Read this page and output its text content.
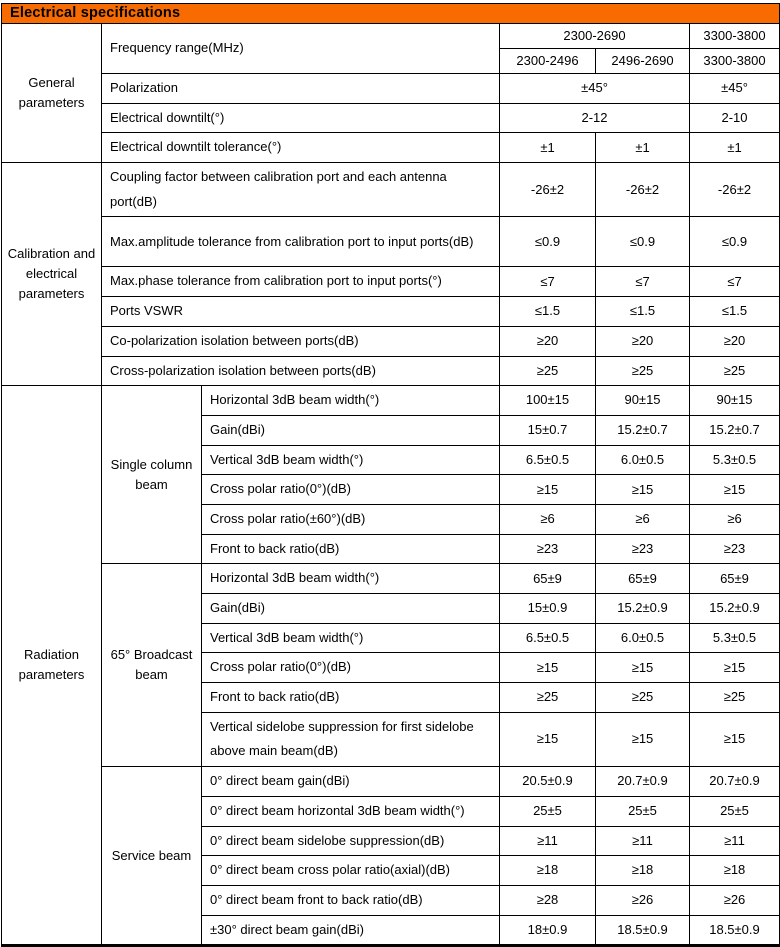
Electrical specifications					
General parameters	Frequency range(MHz)		2300-2690		3300-3800
			2300-2496	2496-2690	3300-3800
	Polarization		±45°		±45°
	Electrical downtilt(°)		2-12		2-10
	Electrical downtilt tolerance(°)		±1	±1	±1
Calibration and electrical parameters	Coupling factor between calibration port and each antenna port(dB)		-26±2	-26±2	-26±2
	Max.amplitude tolerance from calibration port to input ports(dB)		≤0.9	≤0.9	≤0.9
	Max.phase tolerance from calibration port to input ports(°)		≤7	≤7	≤7
	Ports VSWR		≤1.5	≤1.5	≤1.5
	Co-polarization isolation between ports(dB)		≥20	≥20	≥20
	Cross-polarization isolation between ports(dB)		≥25	≥25	≥25
Radiation parameters	Single column beam	Horizontal 3dB beam width(°)	100±15	90±15	90±15
		Gain(dBi)	15±0.7	15.2±0.7	15.2±0.7
		Vertical 3dB beam width(°)	6.5±0.5	6.0±0.5	5.3±0.5
		Cross polar ratio(0°)(dB)	≥15	≥15	≥15
		Cross polar ratio(±60°)(dB)	≥6	≥6	≥6
		Front to back ratio(dB)	≥23	≥23	≥23
	65° Broadcast beam	Horizontal 3dB beam width(°)	65±9	65±9	65±9
		Gain(dBi)	15±0.9	15.2±0.9	15.2±0.9
		Vertical 3dB beam width(°)	6.5±0.5	6.0±0.5	5.3±0.5
		Cross polar ratio(0°)(dB)	≥15	≥15	≥15
		Front to back ratio(dB)	≥25	≥25	≥25
		Vertical sidelobe suppression for first sidelobe above main beam(dB)	≥15	≥15	≥15
	Service beam	0° direct beam gain(dBi)	20.5±0.9	20.7±0.9	20.7±0.9
		0° direct beam horizontal 3dB beam width(°)	25±5	25±5	25±5
		0° direct beam sidelobe suppression(dB)	≥11	≥11	≥11
		0° direct beam cross polar ratio(axial)(dB)	≥18	≥18	≥18
		0° direct beam front to back ratio(dB)	≥28	≥26	≥26
		±30° direct beam gain(dBi)	18±0.9	18.5±0.9	18.5±0.9
